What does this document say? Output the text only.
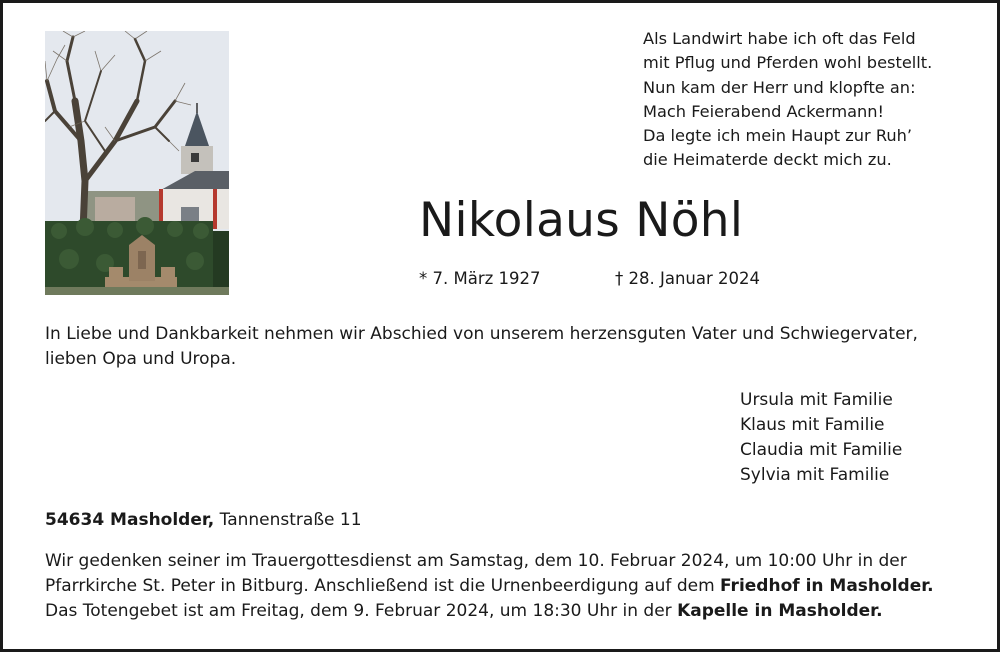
Als Landwirt habe ich oft das Feld
mit Pflug und Pferden wohl bestellt.
Nun kam der Herr und klopfte an:
Mach Feierabend Ackermann!
Da legte ich mein Haupt zur Ruh’
die Heimaterde deckt mich zu.
Nikolaus Nöhl
* 7. März 1927	† 28. Januar 2024
In Liebe und Dankbarkeit nehmen wir Abschied von unserem herzensguten Vater und Schwiegervater, lieben Opa und Uropa.
Ursula mit Familie
Klaus mit Familie
Claudia mit Familie
Sylvia mit Familie
54634 Masholder, Tannenstraße 11
Wir gedenken seiner im Trauergottesdienst am Samstag, dem 10. Februar 2024, um 10:00 Uhr in der
Pfarrkirche St. Peter in Bitburg. Anschließend ist die Urnenbeerdigung auf dem Friedhof in Masholder.
Das Totengebet ist am Freitag, dem 9. Februar 2024, um 18:30 Uhr in der Kapelle in Masholder.
